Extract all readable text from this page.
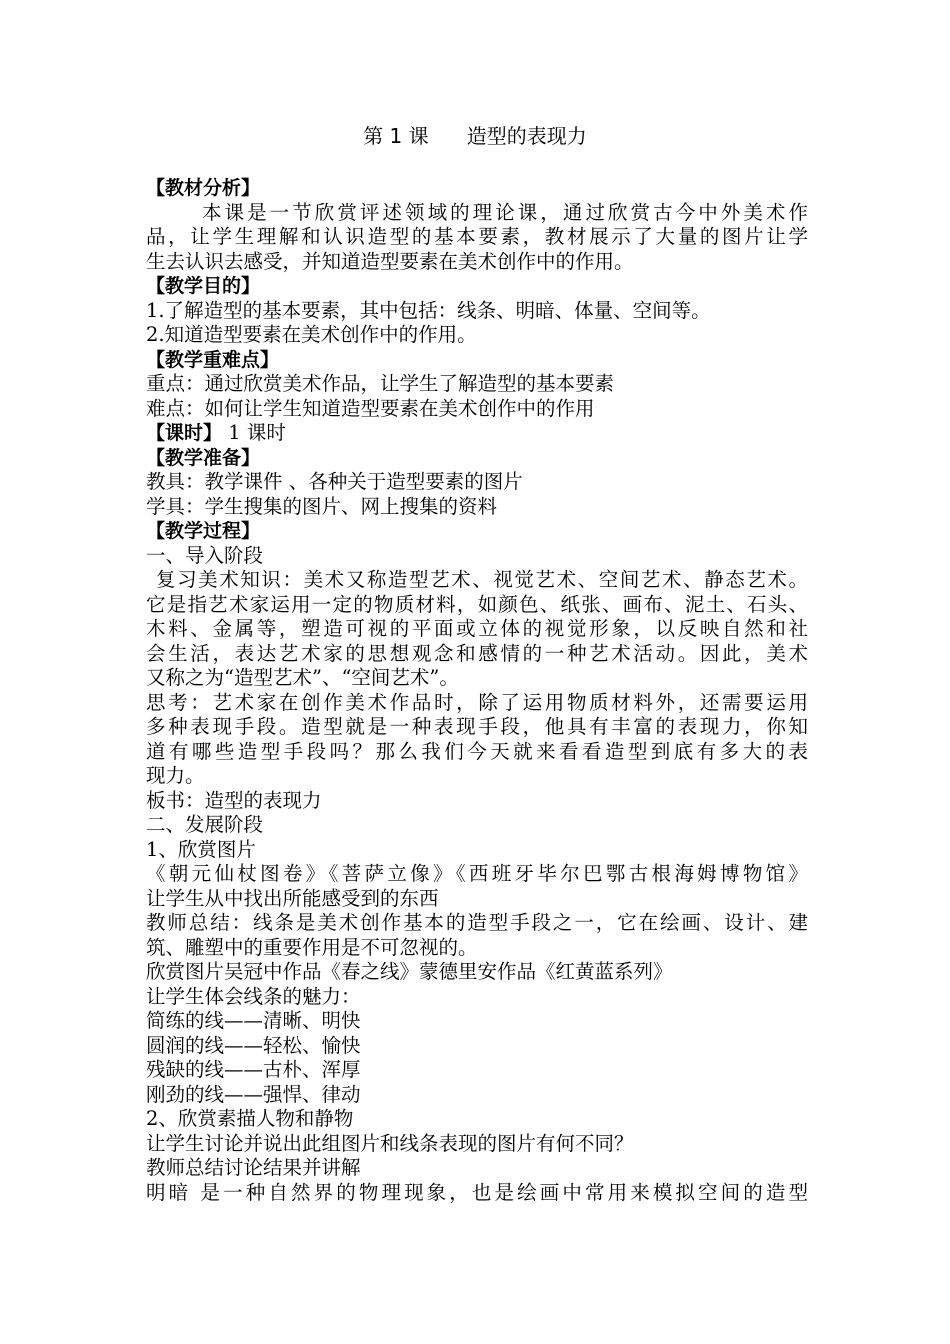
第 1 课      造型的表现力
【教材分析】
本课是一节欣赏评述领域的理论课，通过欣赏古今中外美术作
品，让学生理解和认识造型的基本要素，教材展示了大量的图片让学
生去认识去感受，并知道造型要素在美术创作中的作用。
【教学目的】
1.了解造型的基本要素，其中包括：线条、明暗、体量、空间等。
2.知道造型要素在美术创作中的作用。
【教学重难点】
重点：通过欣赏美术作品，让学生了解造型的基本要素
难点：如何让学生知道造型要素在美术创作中的作用
【课时】 1 课时
【教学准备】
教具：教学课件 、各种关于造型要素的图片
学具：学生搜集的图片、网上搜集的资料
【教学过程】
一、导入阶段
复习美术知识：美术又称造型艺术、视觉艺术、空间艺术、静态艺术。
它是指艺术家运用一定的物质材料，如颜色、纸张、画布、泥土、石头、
木料、金属等，塑造可视的平面或立体的视觉形象，以反映自然和社
会生活，表达艺术家的思想观念和感情的一种艺术活动。因此，美术
又称之为“造型艺术”、“空间艺术”。
思考：艺术家在创作美术作品时，除了运用物质材料外，还需要运用
多种表现手段。造型就是一种表现手段，他具有丰富的表现力，你知
道有哪些造型手段吗？那么我们今天就来看看造型到底有多大的表
现力。
板书：造型的表现力
二、发展阶段
1、欣赏图片
《朝元仙杖图卷》《菩萨立像》《西班牙毕尔巴鄂古根海姆博物馆》
让学生从中找出所能感受到的东西
教师总结：线条是美术创作基本的造型手段之一，它在绘画、设计、建
筑、雕塑中的重要作用是不可忽视的。
欣赏图片吴冠中作品《春之线》蒙德里安作品《红黄蓝系列》
让学生体会线条的魅力：
简练的线——清晰、明快
圆润的线——轻松、愉快
残缺的线——古朴、浑厚
刚劲的线——强悍、律动
2、欣赏素描人物和静物
让学生讨论并说出此组图片和线条表现的图片有何不同？
教师总结讨论结果并讲解
明暗 是一种自然界的物理现象，也是绘画中常用来模拟空间的造型
